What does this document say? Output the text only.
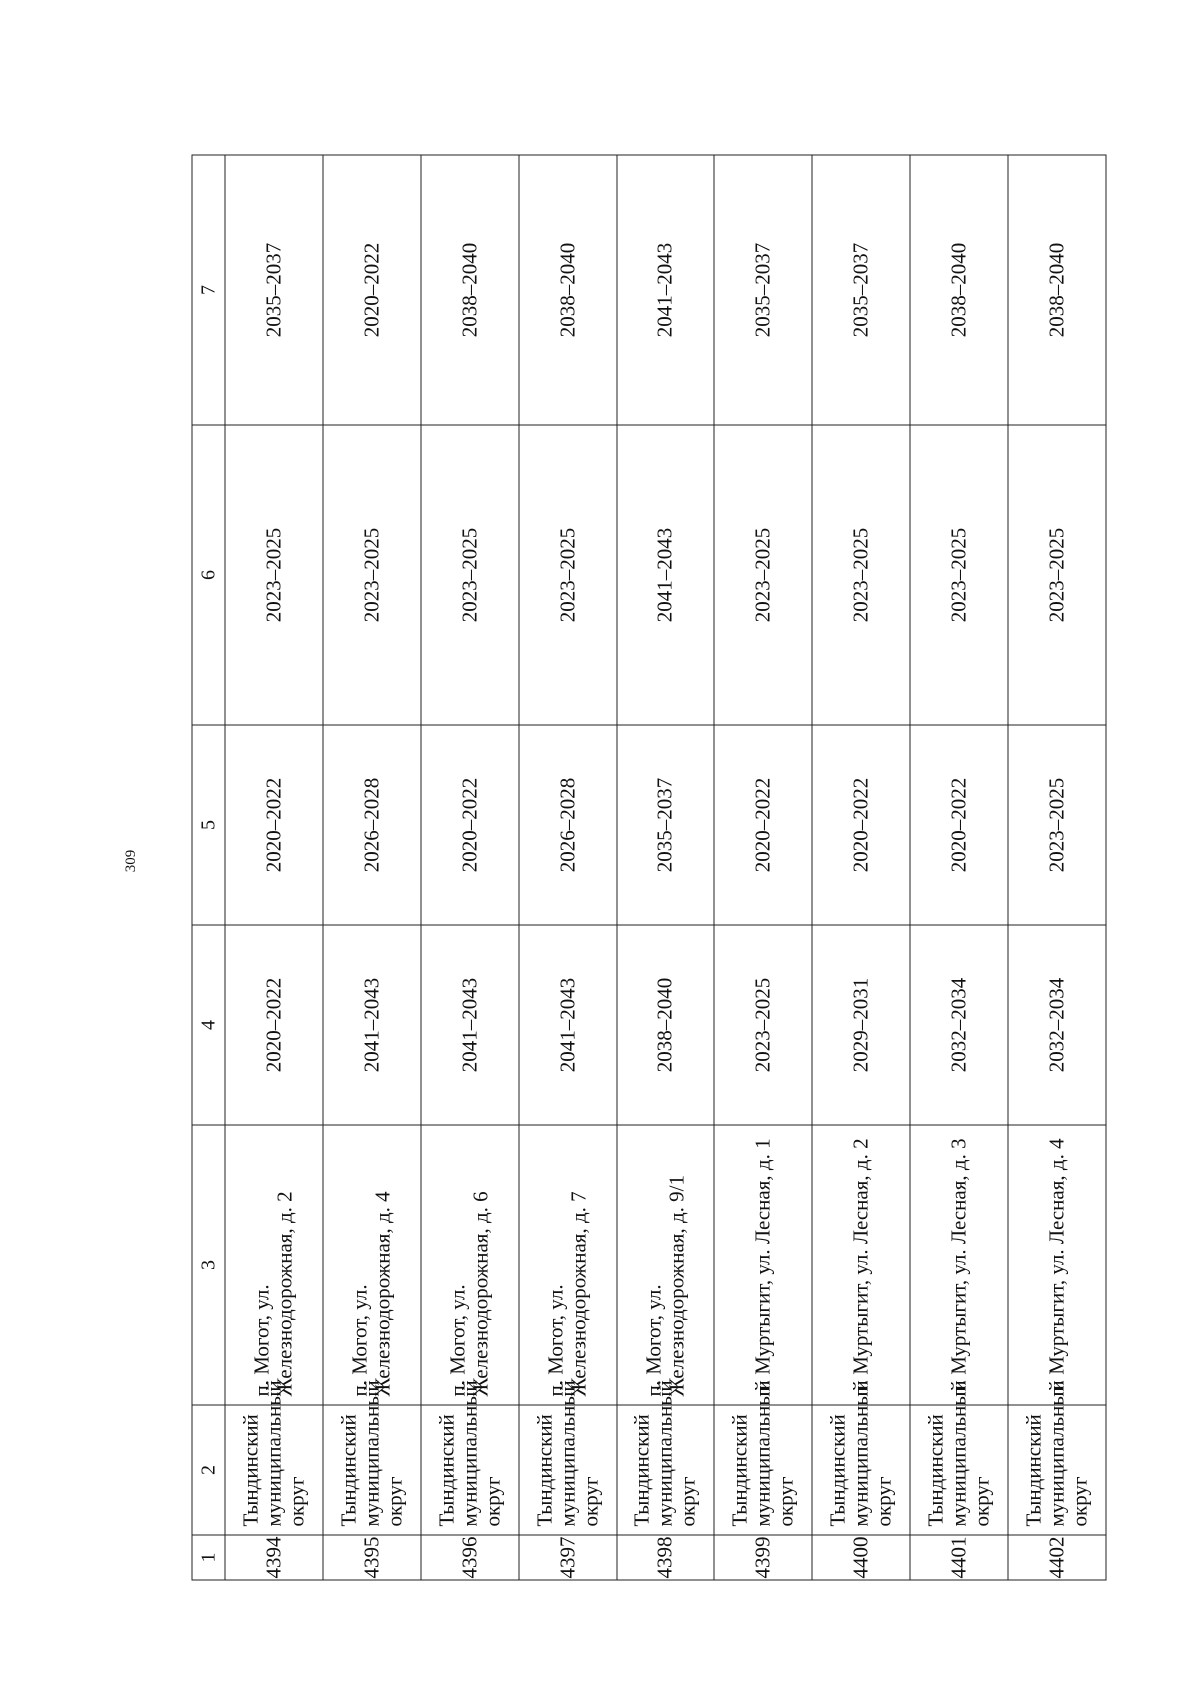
309
1	2	3	4	5	6	7
4394	Тындинский муниципальный округ	п. Могот, ул. Железнодорожная, д. 2	2020–2022	2020–2022	2023–2025	2035–2037
4395	Тындинский муниципальный округ	п. Могот, ул. Железнодорожная, д. 4	2041–2043	2026–2028	2023–2025	2020–2022
4396	Тындинский муниципальный округ	п. Могот, ул. Железнодорожная, д. 6	2041–2043	2020–2022	2023–2025	2038–2040
4397	Тындинский муниципальный округ	п. Могот, ул. Железнодорожная, д. 7	2041–2043	2026–2028	2023–2025	2038–2040
4398	Тындинский муниципальный округ	п. Могот, ул. Железнодорожная, д. 9/1	2038–2040	2035–2037	2041–2043	2041–2043
4399	Тындинский муниципальный округ	п. Муртыгит, ул. Лесная, д. 1	2023–2025	2020–2022	2023–2025	2035–2037
4400	Тындинский муниципальный округ	п. Муртыгит, ул. Лесная, д. 2	2029–2031	2020–2022	2023–2025	2035–2037
4401	Тындинский муниципальный округ	п. Муртыгит, ул. Лесная, д. 3	2032–2034	2020–2022	2023–2025	2038–2040
4402	Тындинский муниципальный округ	п. Муртыгит, ул. Лесная, д. 4	2032–2034	2023–2025	2023–2025	2038–2040
